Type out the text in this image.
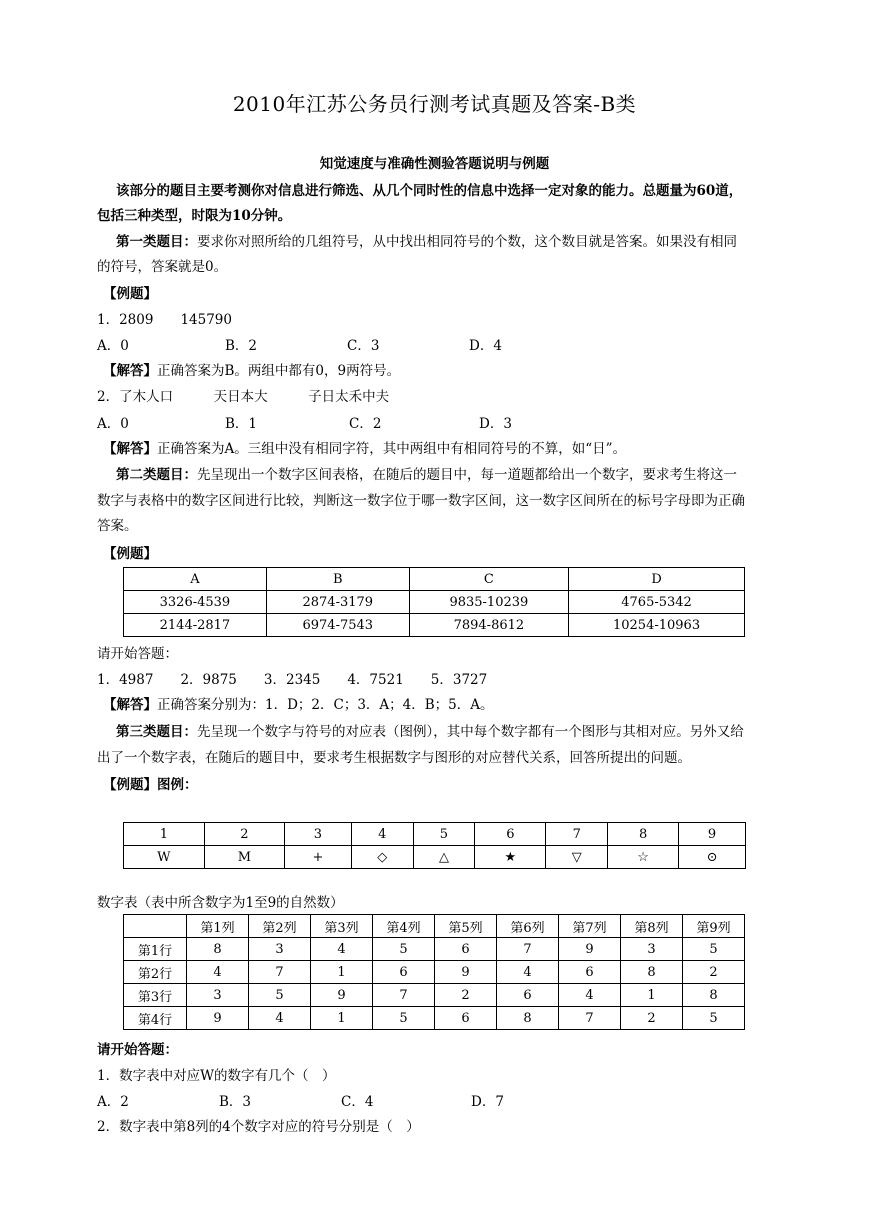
2010年江苏公务员行测考试真题及答案-B类
知觉速度与准确性测验答题说明与例题
该部分的题目主要考测你对信息进行筛选、从几个同时性的信息中选择一定对象的能力。总题量为60道，
包括三种类型，时限为10分钟。
第一类题目：要求你对照所给的几组符号，从中找出相同符号的个数，这个数目就是答案。如果没有相同
的符号，答案就是0。
【例题】
1．2809　　145790
A．0	B．2	C．3	D．4
【解答】正确答案为B。两组中都有0，9两符号。
2．了木人口　　　天日本大　　　子日太禾中夫
A．0	B．1	C．2	D．3
【解答】正确答案为A。三组中没有相同字符，其中两组中有相同符号的不算，如“日”。
第二类题目：先呈现出一个数字区间表格，在随后的题目中，每一道题都给出一个数字，要求考生将这一
数字与表格中的数字区间进行比较，判断这一数字位于哪一数字区间，这一数字区间所在的标号字母即为正确
答案。
【例题】
A	B	C	D
3326-4539	2874-3179	9835-10239	4765-5342
2144-2817	6974-7543	7894-8612	10254-10963
请开始答题：
1．4987　　2．9875　　3．2345　　4．7521　　5．3727
【解答】正确答案分别为：1．D；2．C；3．A；4．B；5．A。
第三类题目：先呈现一个数字与符号的对应表（图例），其中每个数字都有一个图形与其相对应。另外又给
出了一个数字表，在随后的题目中，要求考生根据数字与图形的对应替代关系，回答所提出的问题。
【例题】图例：
1	2	3	4	5	6	7	8	9
W	M	+	◇	△	★	▽	☆	⊙
数字表（表中所含数字为1至9的自然数）
	第1列	第2列	第3列	第4列	第5列	第6列	第7列	第8列	第9列
第1行	8	3	4	5	6	7	9	3	5
第2行	4	7	1	6	9	4	6	8	2
第3行	3	5	9	7	2	6	4	1	8
第4行	9	4	1	5	6	8	7	2	5
请开始答题：
1．数字表中对应W的数字有几个（　）
A．2	B．3	C．4	D．7
2．数字表中第8列的4个数字对应的符号分别是（　）
